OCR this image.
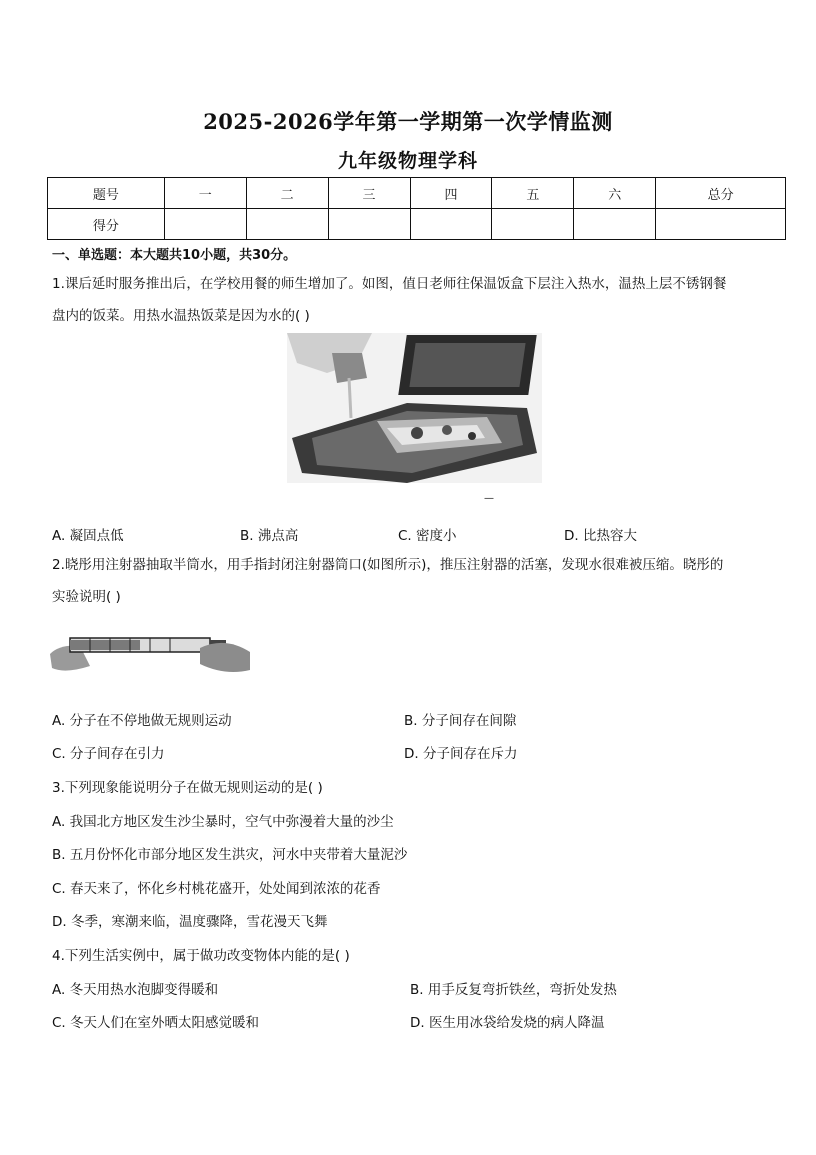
2025-2026学年第一学期第一次学情监测
九年级物理学科
题号	一	二	三	四	五	六	总分
得分							
一、单选题：本大题共10小题，共30分。
1.课后延时服务推出后，在学校用餐的师生增加了。如图，值日老师往保温饭盒下层注入热水，温热上层不锈钢餐
盘内的饭菜。用热水温热饭菜是因为水的( )
—
A. 凝固点低	B. 沸点高	C. 密度小	D. 比热容大
2.晓彤用注射器抽取半筒水，用手指封闭注射器筒口(如图所示)，推压注射器的活塞，发现水很难被压缩。晓彤的
实验说明( )
A. 分子在不停地做无规则运动	B. 分子间存在间隙
C. 分子间存在引力	D. 分子间存在斥力
3.下列现象能说明分子在做无规则运动的是( )
A. 我国北方地区发生沙尘暴时，空气中弥漫着大量的沙尘
B. 五月份怀化市部分地区发生洪灾，河水中夹带着大量泥沙
C. 春天来了，怀化乡村桃花盛开，处处闻到浓浓的花香
D. 冬季，寒潮来临，温度骤降，雪花漫天飞舞
4.下列生活实例中，属于做功改变物体内能的是( )
A. 冬天用热水泡脚变得暖和	B. 用手反复弯折铁丝，弯折处发热
C. 冬天人们在室外晒太阳感觉暖和	D. 医生用冰袋给发烧的病人降温
